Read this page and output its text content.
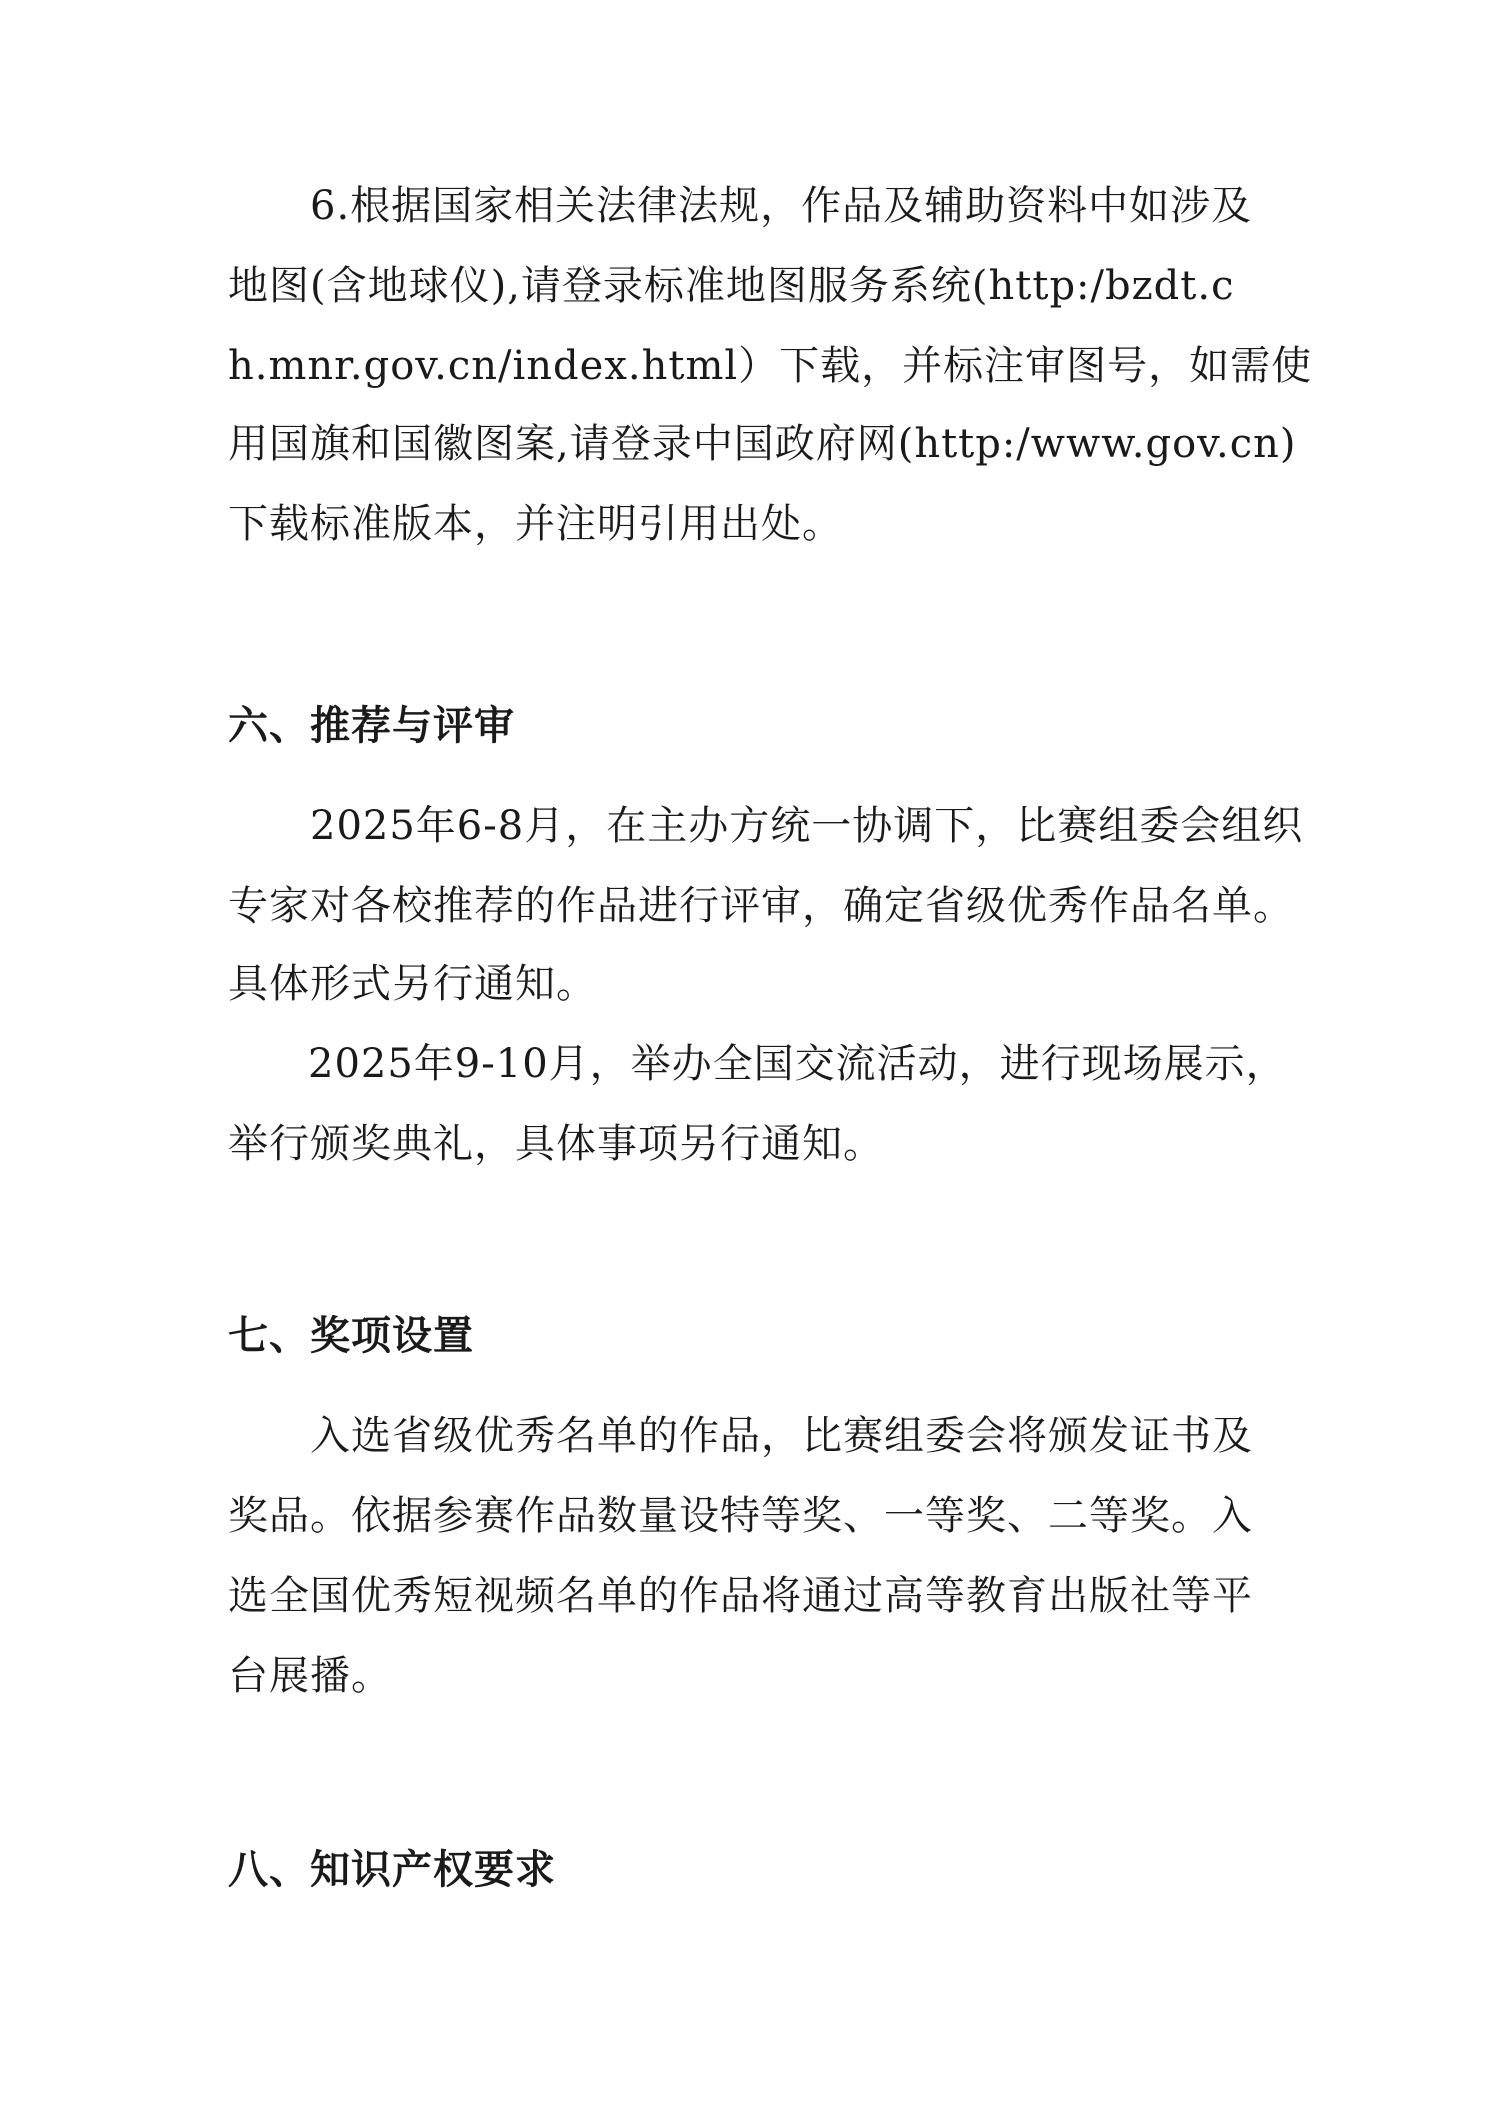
6.根据国家相关法律法规，作品及辅助资料中如涉及
地图(含地球仪),请登录标准地图服务系统(http:/bzdt.c
h.mnr.gov.cn/index.html）下载，并标注审图号，如需使
用国旗和国徽图案,请登录中国政府网(http:/www.gov.cn)
下载标准版本，并注明引用出处。
六、推荐与评审
2025年6-8月，在主办方统一协调下，比赛组委会组织
专家对各校推荐的作品进行评审，确定省级优秀作品名单。
具体形式另行通知。
2025年9-10月，举办全国交流活动，进行现场展示，
举行颁奖典礼，具体事项另行通知。
七、奖项设置
入选省级优秀名单的作品，比赛组委会将颁发证书及
奖品。依据参赛作品数量设特等奖、一等奖、二等奖。入
选全国优秀短视频名单的作品将通过高等教育出版社等平
台展播。
八、知识产权要求
